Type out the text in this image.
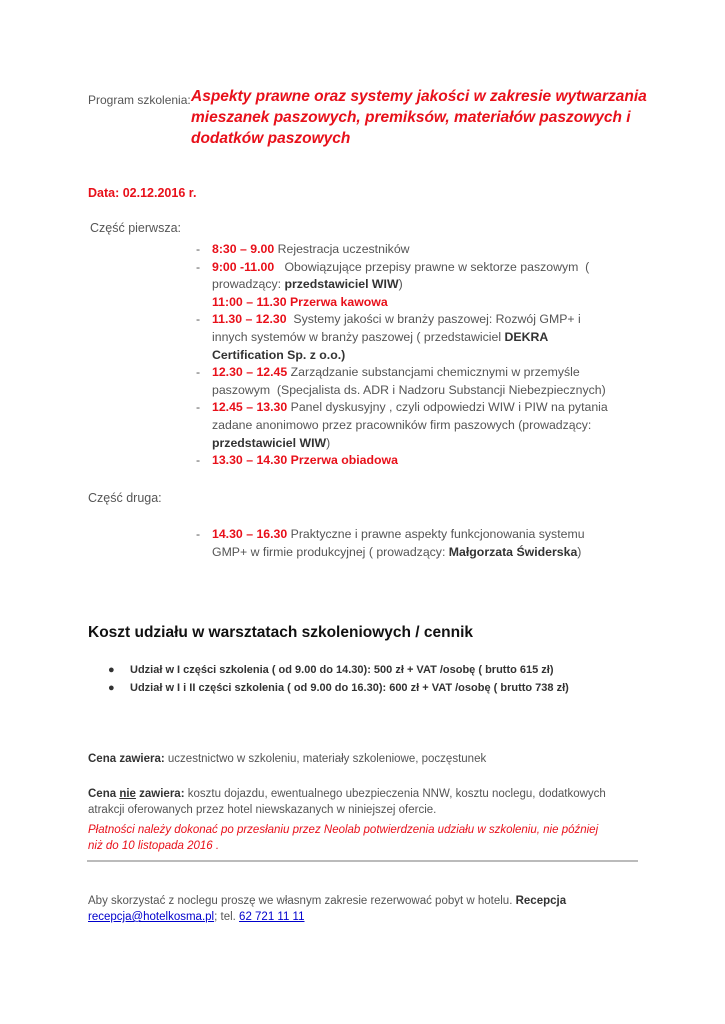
Program szkolenia: Aspekty prawne oraz systemy jakości w zakresie wytwarzania
mieszanek paszowych, premiksów, materiałów paszowych i
dodatków paszowych
Data: 02.12.2016 r.
Część pierwsza:
- 8:30 – 9.00 Rejestracja uczestników
- 9:00 -11.00   Obowiązujące przepisy prawne w sektorze paszowym  (
prowadzący: przedstawiciel WIW)
11:00 – 11.30 Przerwa kawowa
- 11.30 – 12.30  Systemy jakości w branży paszowej: Rozwój GMP+ i
innych systemów w branży paszowej ( przedstawiciel DEKRA
Certification Sp. z o.o.)
- 12.30 – 12.45 Zarządzanie substancjami chemicznymi w przemyśle
paszowym  (Specjalista ds. ADR i Nadzoru Substancji Niebezpiecznych)
- 12.45 – 13.30 Panel dyskusyjny , czyli odpowiedzi WIW i PIW na pytania
zadane anonimowo przez pracowników firm paszowych (prowadzący:
przedstawiciel WIW)
- 13.30 – 14.30 Przerwa obiadowa
Część druga:
- 14.30 – 16.30 Praktyczne i prawne aspekty funkcjonowania systemu
GMP+ w firmie produkcyjnej ( prowadzący: Małgorzata Świderska)
Koszt udziału w warsztatach szkoleniowych / cennik
● Udział w I części szkolenia ( od 9.00 do 14.30): 500 zł + VAT /osobę ( brutto 615 zł)
● Udział w I i II części szkolenia ( od 9.00 do 16.30): 600 zł + VAT /osobę ( brutto 738 zł)
Cena zawiera: uczestnictwo w szkoleniu, materiały szkoleniowe, poczęstunek
Cena nie zawiera: kosztu dojazdu, ewentualnego ubezpieczenia NNW, kosztu noclegu, dodatkowych
atrakcji oferowanych przez hotel niewskazanych w niniejszej ofercie.
Płatności należy dokonać po przesłaniu przez Neolab potwierdzenia udziału w szkoleniu, nie później
niż do 10 listopada 2016 .
Aby skorzystać z noclegu proszę we własnym zakresie rezerwować pobyt w hotelu. Recepcja
recepcja@hotelkosma.pl; tel. 62 721 11 11
